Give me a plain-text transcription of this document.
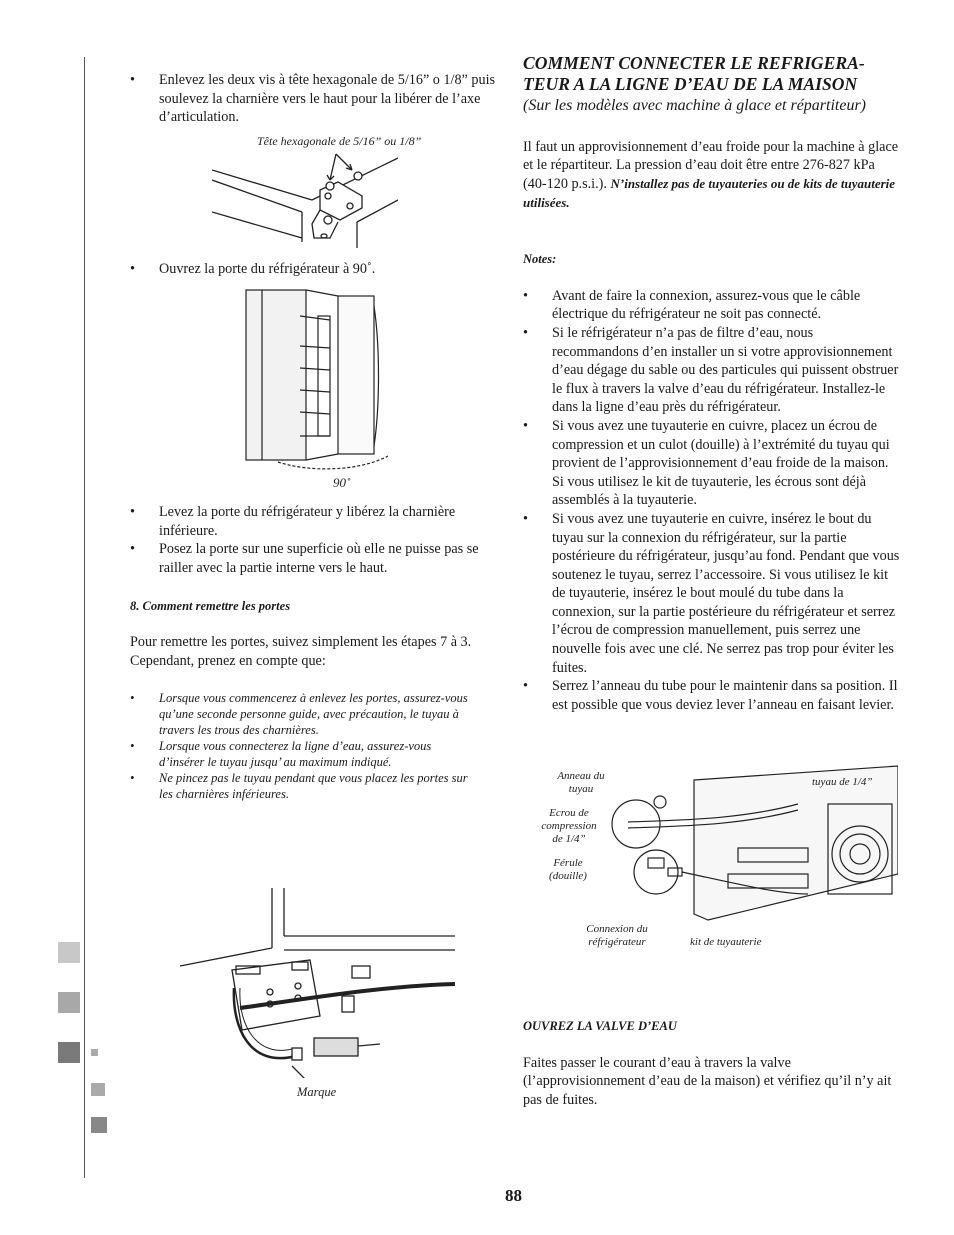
• Enlevez les deux vis à tête hexagonale de 5/16” o 1/8” puis soulevez la charnière vers le haut pour la libérer de l’axe d’articulation.
Tête hexagonale de 5/16” ou 1/8”
• Ouvrez la porte du réfrigérateur à 90˚.
90˚
• Levez la porte du réfrigérateur y libérez la charnière inférieure.
• Posez la porte sur une superficie où elle ne puisse pas se railler avec la partie interne vers le haut.
8. Comment remettre les portes
Pour remettre les portes, suivez simplement les étapes 7 à 3. Cependant, prenez en compte que:
• Lorsque vous commencerez à enlevez les portes, assurez-vous qu’une seconde personne guide, avec précaution, le tuyau à travers les trous des charnières.
• Lorsque vous connecterez la ligne d’eau, assurez-vous d’insérer le tuyau jusqu’ au maximum indiqué.
• Ne pincez pas le tuyau pendant que vous placez les portes sur les charnières inférieures.
Marque
COMMENT CONNECTER LE REFRIGERA-TEUR A LA LIGNE D’EAU DE LA MAISON
(Sur les modèles avec machine à glace et répartiteur)
Il faut un approvisionnement d’eau froide pour la machine à glace et le répartiteur. La pression d’eau doit être entre 276-827 kPa (40-120 p.s.i.). N’installez pas de tuyauteries ou de kits de tuyauterie utilisées.
Notes:
• Avant de faire la connexion, assurez-vous que le câble électrique du réfrigérateur ne soit pas connecté.
• Si le réfrigérateur n’a pas de filtre d’eau, nous recommandons d’en installer un si votre approvisionnement d’eau dégage du sable ou des particules qui puissent obstruer le flux à travers la valve d’eau du réfrigérateur. Installez-le dans la ligne d’eau près du réfrigérateur.
• Si vous avez une tuyauterie en cuivre, placez un écrou de compression et un culot (douille) à l’extrémité du tuyau qui provient de l’approvisionnement d’eau froide de la maison. Si vous utilisez le kit de tuyauterie, les écrous sont déjà assemblés à la tuyauterie.
• Si vous avez une tuyauterie en cuivre, insérez le bout du tuyau sur la connexion du réfrigérateur, sur la partie postérieure du réfrigérateur, jusqu’au fond. Pendant que vous soutenez le tuyau, serrez l’accessoire. Si vous utilisez le kit de tuyauterie, insérez le bout moulé du tube dans la connexion, sur la partie postérieure du réfrigérateur et serrez l’écrou de compression manuellement, puis serrez une nouvelle fois avec une clé. Ne serrez pas trop pour éviter les fuites.
• Serrez l’anneau du tube pour le maintenir dans sa position. Il est possible que vous deviez lever l’anneau en faisant levier.
Anneau du tuyau
tuyau de 1/4”
Ecrou de compression de 1/4”
Férule (douille)
Connexion du réfrigérateur	kit de tuyauterie
OUVREZ LA VALVE D’EAU
Faites passer le courant d’eau à travers la valve (l’approvisionnement d’eau de la maison) et vérifiez qu’il n’y ait pas de fuites.
88
